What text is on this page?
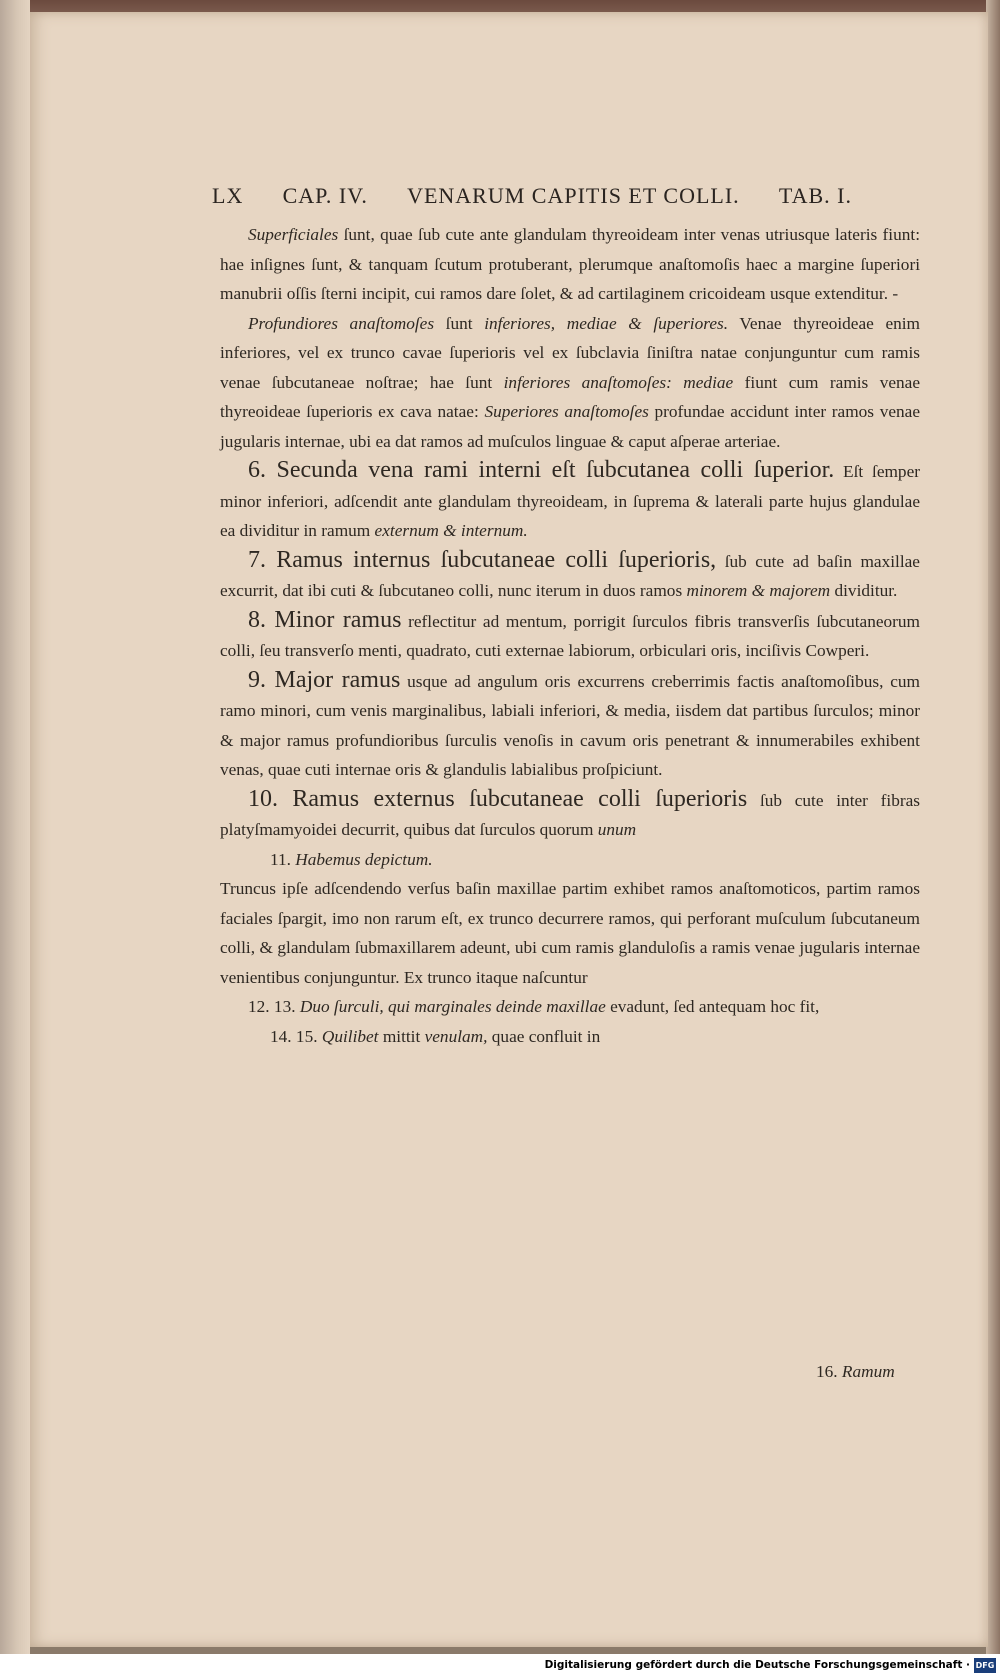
LX CAP. IV. VENARUM CAPITIS ET COLLI. TAB. I.

Superficiales ſunt, quae ſub cute ante glandulam thyreoideam inter venas utriusque lateris fiunt: hae inſignes ſunt, & tanquam ſcutum protuberant, plerumque anaſtomoſis haec a margine ſuperiori manubrii oſſis ſterni incipit, cui ramos dare ſolet, & ad cartilaginem cricoideam usque extenditur. -

Profundiores anaſtomoſes ſunt inferiores, mediae & ſuperiores. Venae thyreoideae enim inferiores, vel ex trunco cavae ſuperioris vel ex ſubclavia ſiniſtra natae conjunguntur cum ramis venae ſubcutaneae noſtrae; hae ſunt inferiores anaſtomoſes: mediae fiunt cum ramis venae thyreoideae ſuperioris ex cava natae: Superiores anaſtomoſes profundae accidunt inter ramos venae jugularis internae, ubi ea dat ramos ad muſculos linguae & caput aſperae arteriae.

6. Secunda vena rami interni eſt ſubcutanea colli ſuperior. Eſt ſemper minor inferiori, adſcendit ante glandulam thyreoideam, in ſuprema & laterali parte hujus glandulae ea dividitur in ramum externum & internum.

7. Ramus internus ſubcutaneae colli ſuperioris, ſub cute ad baſin maxillae excurrit, dat ibi cuti & ſubcutaneo colli, nunc iterum in duos ramos minorem & majorem dividitur.

8. Minor ramus reflectitur ad mentum, porrigit ſurculos fibris transverſis ſubcutaneorum colli, ſeu transverſo menti, quadrato, cuti externae labiorum, orbiculari oris, inciſivis Cowperi.

9. Major ramus usque ad angulum oris excurrens creberrimis factis anaſtomoſibus, cum ramo minori, cum venis marginalibus, labiali inferiori, & media, iisdem dat partibus ſurculos; minor & major ramus profundioribus ſurculis venoſis in cavum oris penetrant & innumerabiles exhibent venas, quae cuti internae oris & glandulis labialibus proſpiciunt.

10. Ramus externus ſubcutaneae colli ſuperioris ſub cute inter fibras platyſmamyoidei decurrit, quibus dat ſurculos quorum unum

11. Habemus depictum.

Truncus ipſe adſcendendo verſus baſin maxillae partim exhibet ramos anaſtomoticos, partim ramos faciales ſpargit, imo non rarum eſt, ex trunco decurrere ramos, qui perforant muſculum ſubcutaneum colli, & glandulam ſubmaxillarem adeunt, ubi cum ramis glanduloſis a ramis venae jugularis internae venientibus conjunguntur. Ex trunco itaque naſcuntur

12. 13. Duo ſurculi, qui marginales deinde maxillae evadunt, ſed antequam hoc fit,

14. 15. Quilibet mittit venulam, quae confluit in

16. Ramum
Digitalisierung gefördert durch die Deutsche Forschungsgemeinschaft · DFG
